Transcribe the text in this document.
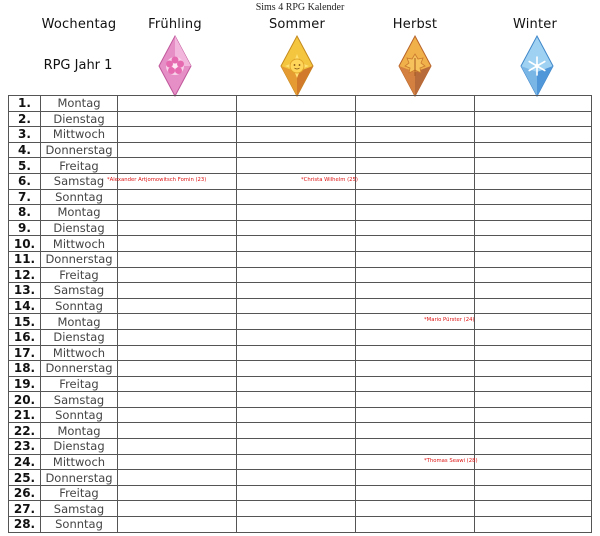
Sims 4 RPG Kalender
Wochentag	Frühling	Sommer	Herbst	Winter
RPG Jahr 1
1.	Montag				
2.	Dienstag				
3.	Mittwoch				
4.	Donnerstag				
5.	Freitag				
6.	Samstag	*Alexander Artjomowitsch Fomin (23)	*Christa Wilhelm (25)		

7.	Sonntag				
8.	Montag				
9.	Dienstag				
10.	Mittwoch				
11.	Donnerstag				
12.	Freitag				
13.	Samstag				
14.	Sonntag				
15.	Montag			*Mario Pürster (24)	

16.	Dienstag				
17.	Mittwoch				
18.	Donnerstag				
19.	Freitag				
20.	Samstag				
21.	Sonntag				
22.	Montag				
23.	Dienstag				
24.	Mittwoch			*Thomas Seawi (28)	

25.	Donnerstag				
26.	Freitag				
27.	Samstag				
28.	Sonntag				
